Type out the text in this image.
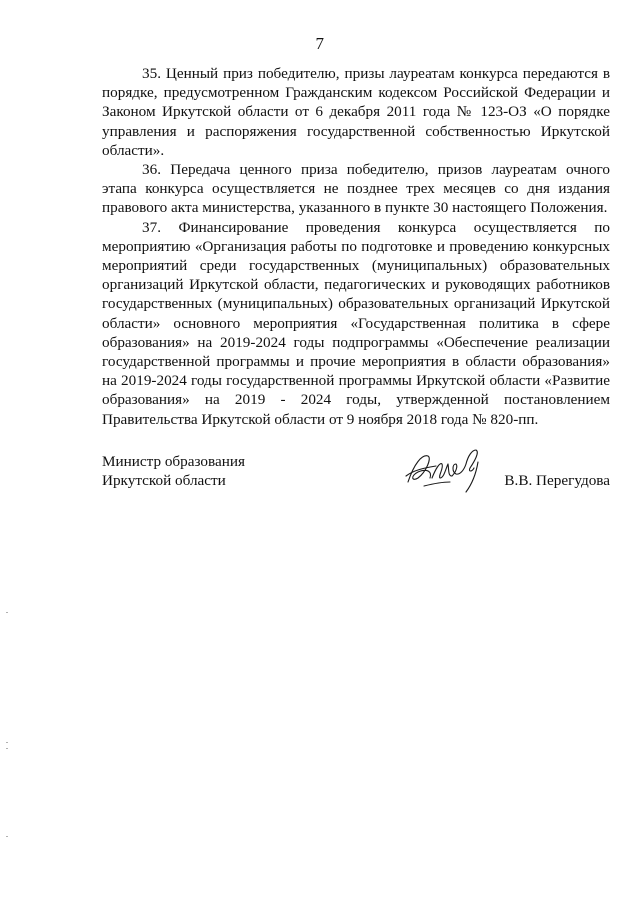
7

35. Ценный приз победителю, призы лауреатам конкурса передаются в порядке, предусмотренном Гражданским кодексом Российской Федерации и Законом Иркутской области от 6 декабря 2011 года № 123-ОЗ «О порядке управления и распоряжения государственной собственностью Иркутской области».

36. Передача ценного приза победителю, призов лауреатам очного этапа конкурса осуществляется не позднее трех месяцев со дня издания правового акта министерства, указанного в пункте 30 настоящего Положения.

37. Финансирование проведения конкурса осуществляется по мероприятию «Организация работы по подготовке и проведению конкурсных мероприятий среди государственных (муниципальных) образовательных организаций Иркутской области, педагогических и руководящих работников государственных (муниципальных) образовательных организаций Иркутской области» основного мероприятия «Государственная политика в сфере образования» на 2019-2024 годы подпрограммы «Обеспечение реализации государственной программы и прочие мероприятия в области образования» на 2019-2024 годы государственной программы Иркутской области «Развитие образования» на 2019 - 2024 годы, утвержденной постановлением Правительства Иркутской области от 9 ноября 2018 года № 820-пп.

Министр образования
Иркутской области	В.В. Перегудова
